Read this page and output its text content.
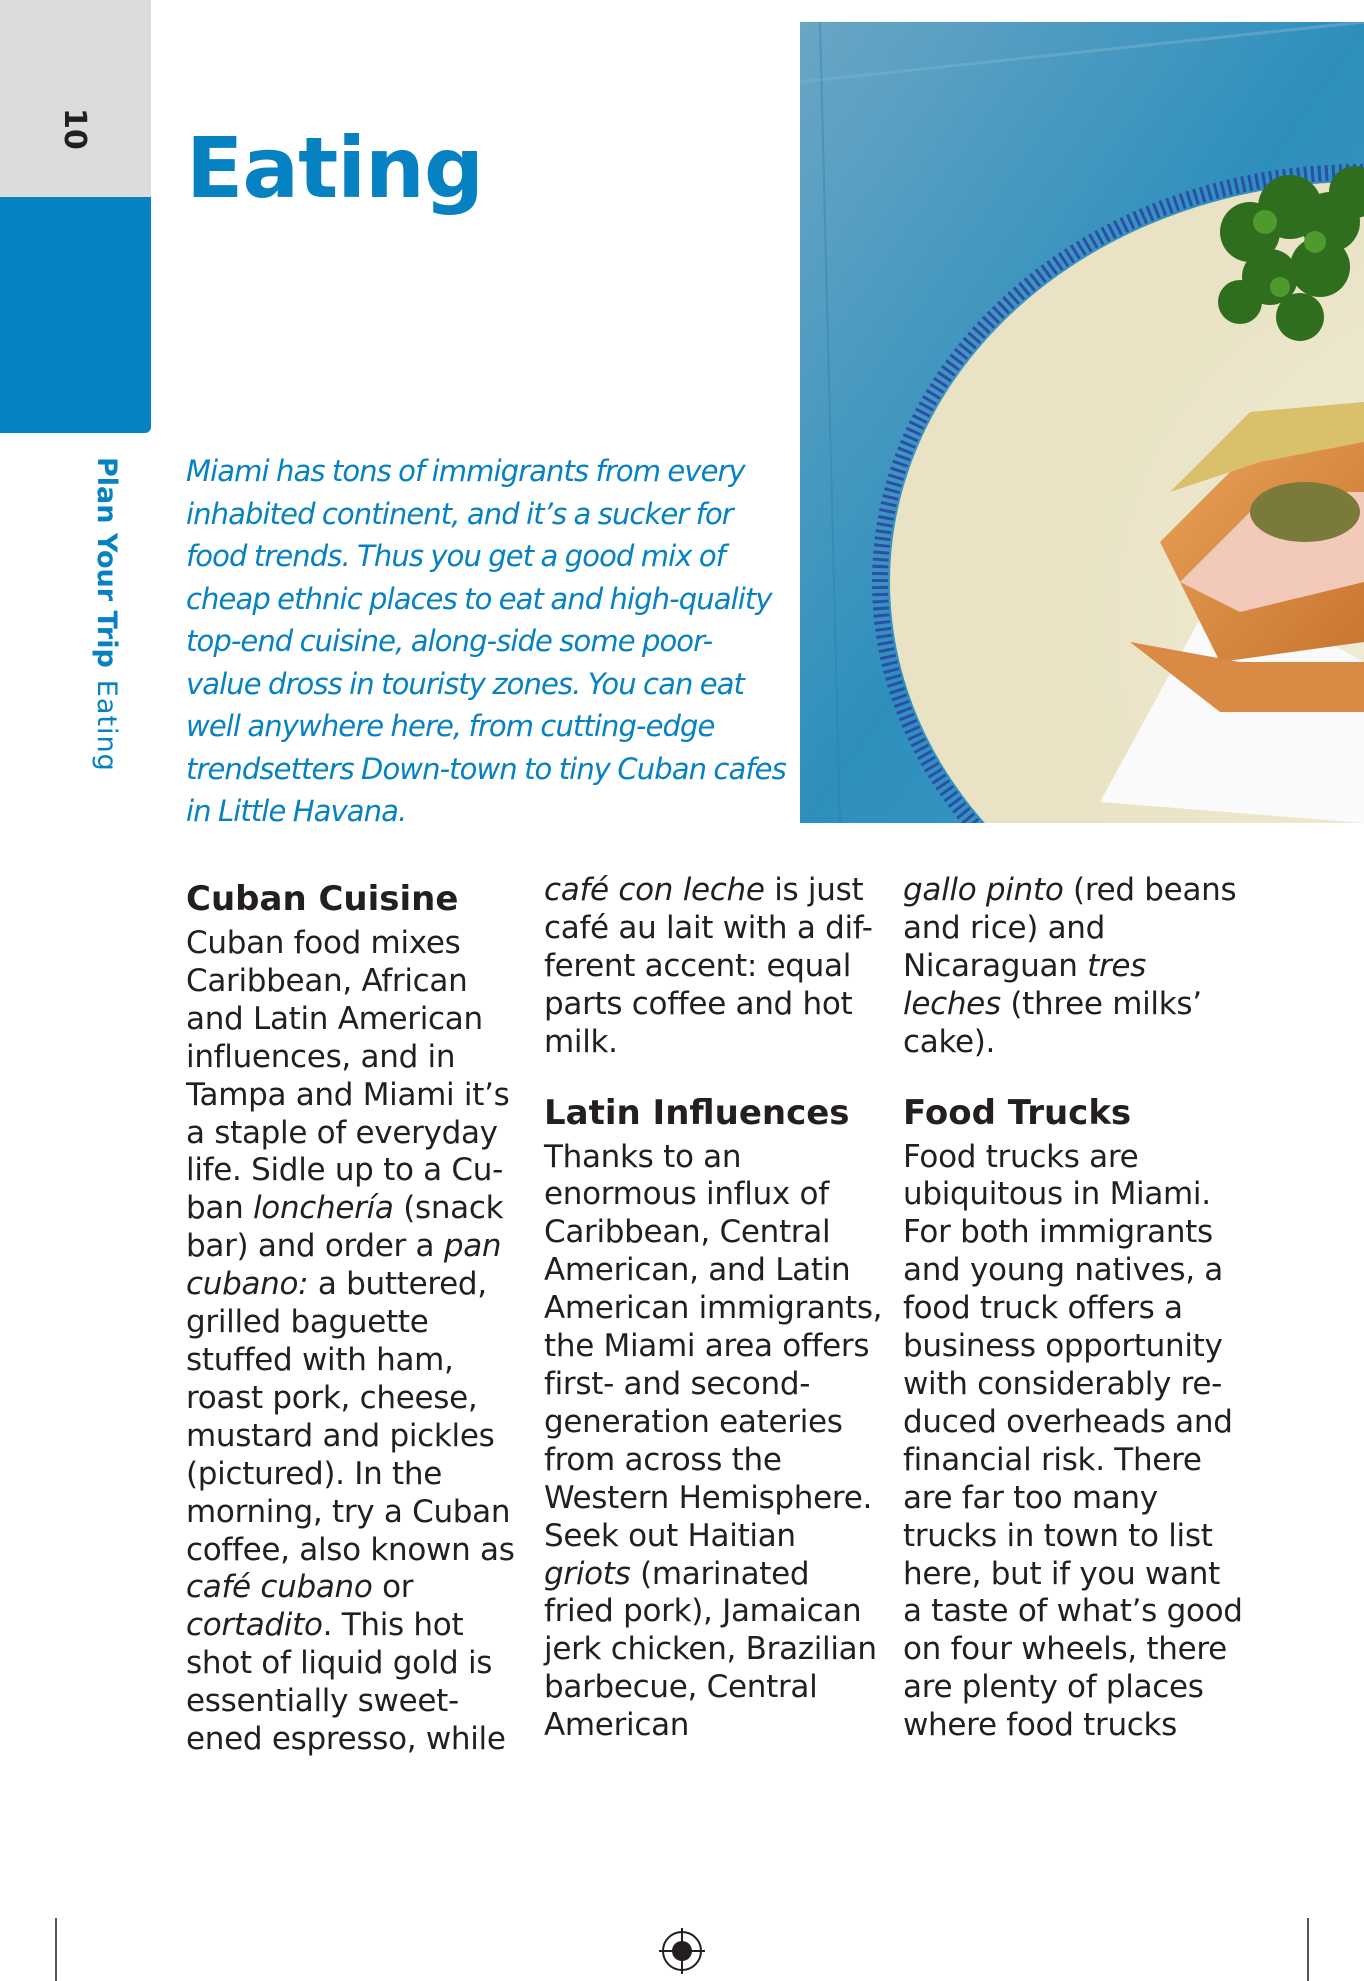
10
Plan Your TripEating
Eating

Miami has tons of immigrants from every inhabited continent, and it’s a sucker for food trends. Thus you get a good mix of cheap ethnic places to eat and high-quality top-end cuisine, along-side some poor-value dross in touristy zones. You can eat well anywhere here, from cutting-edge trendsetters Down-town to tiny Cuban cafes in Little Havana.

Cuban Cuisine

Cuban food mixes Caribbean, African and Latin American influences, and in Tampa and Miami it’s a staple of everyday life. Sidle up to a Cu-ban lonchería (snack bar) and order a pan cubano: a buttered, grilled baguette stuffed with ham, roast pork, cheese, mustard and pickles (pictured). In the morning, try a Cuban coffee, also known as café cubano or cortadito. This hot shot of liquid gold is essentially sweet-ened espresso, while

café con leche is just café au lait with a dif-ferent accent: equal parts coffee and hot milk.

Latin Influences

Thanks to an enormous influx of Caribbean, Central American, and Latin American immigrants, the Miami area offers first- and second-generation eateries from across the Western Hemisphere. Seek out Haitian griots (marinated fried pork), Jamaican jerk chicken, Brazilian barbecue, Central American

gallo pinto (red beans and rice) and Nicaraguan tres leches (three milks’ cake).

Food Trucks

Food trucks are ubiquitous in Miami. For both immigrants and young natives, a food truck offers a business opportunity with considerably re-duced overheads and financial risk. There are far too many trucks in town to list here, but if you want a taste of what’s good on four wheels, there are plenty of places where food trucks
